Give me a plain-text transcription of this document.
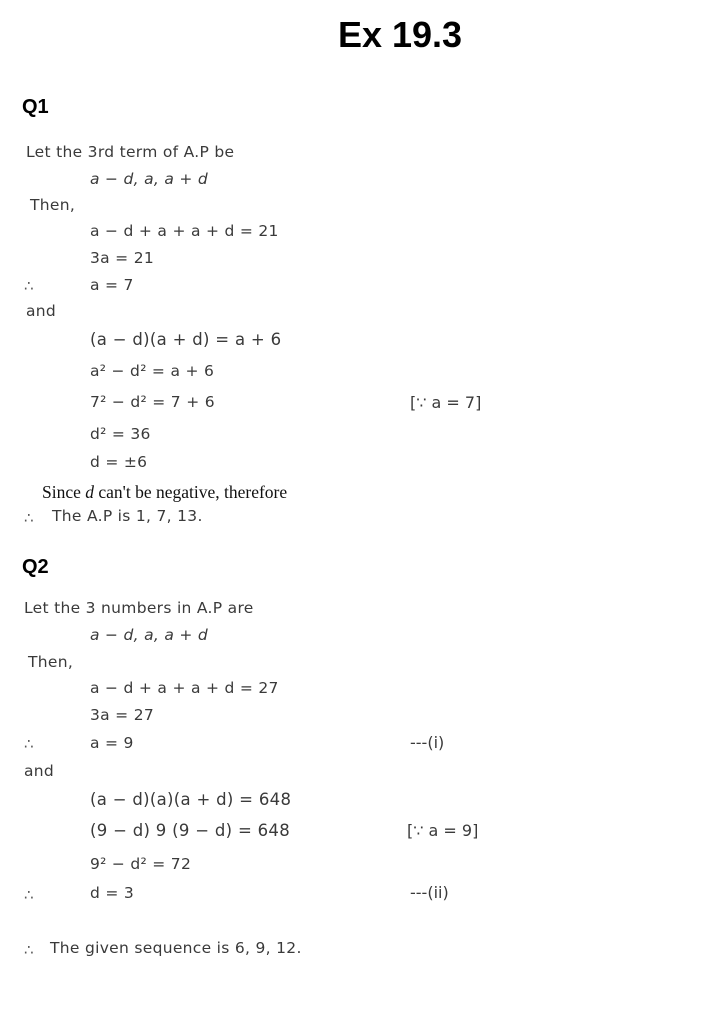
Ex 19.3
Q1
Let the 3rd term of A.P be
a − d, a, a + d
Then,
a − d + a + a + d = 21
3a = 21
∴	a = 7
and
(a − d)(a + d) = a + 6
a² − d² = a + 6
7² − d² = 7 + 6	[∵ a = 7]
d² = 36
d = ±6
Since d can't be negative, therefore
∴ The A.P is 1, 7, 13.
Q2
Let the 3 numbers in A.P are
a − d, a, a + d
Then,
a − d + a + a + d = 27
3a = 27
∴	a = 9	---(i)
and
(a − d)(a)(a + d) = 648
(9 − d) 9 (9 − d) = 648	[∵ a = 9]
9² − d² = 72
∴	d = 3	---(ii)
∴ The given sequence is 6, 9, 12.
